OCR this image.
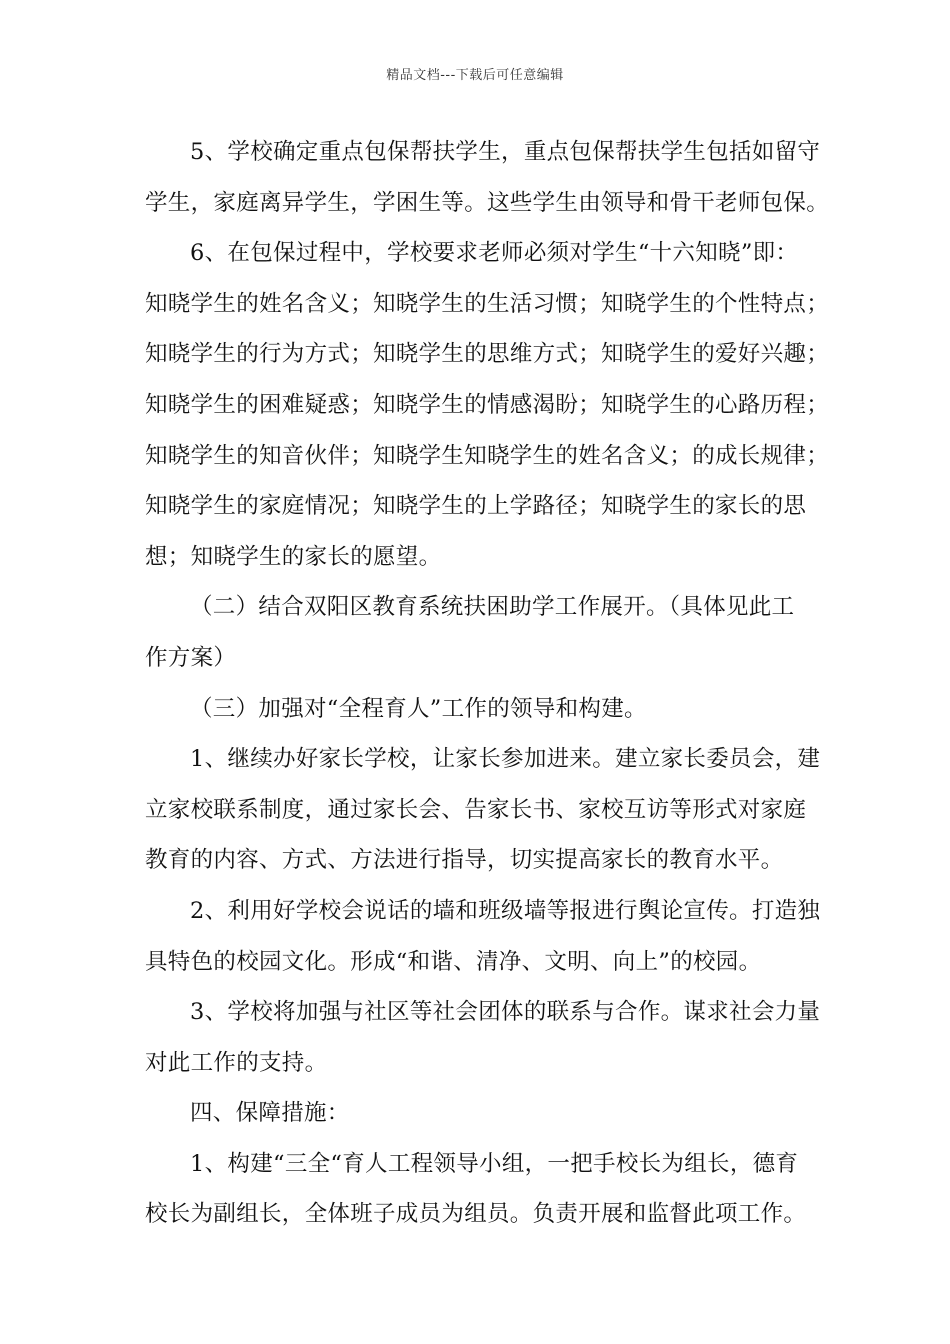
精品文档---下载后可任意编辑
5、学校确定重点包保帮扶学生，重点包保帮扶学生包括如留守
学生，家庭离异学生，学困生等。这些学生由领导和骨干老师包保。
6、在包保过程中，学校要求老师必须对学生“十六知晓”即：
知晓学生的姓名含义；知晓学生的生活习惯；知晓学生的个性特点；
知晓学生的行为方式；知晓学生的思维方式；知晓学生的爱好兴趣；
知晓学生的困难疑惑；知晓学生的情感渴盼；知晓学生的心路历程；
知晓学生的知音伙伴；知晓学生知晓学生的姓名含义；的成长规律；
知晓学生的家庭情况；知晓学生的上学路径；知晓学生的家长的思
想；知晓学生的家长的愿望。
（二）结合双阳区教育系统扶困助学工作展开。（具体见此工
作方案）
（三）加强对“全程育人”工作的领导和构建。
1、继续办好家长学校，让家长参加进来。建立家长委员会，建
立家校联系制度，通过家长会、告家长书、家校互访等形式对家庭
教育的内容、方式、方法进行指导，切实提高家长的教育水平。
2、利用好学校会说话的墙和班级墙等报进行舆论宣传。打造独
具特色的校园文化。形成“和谐、清净、文明、向上”的校园。
3、学校将加强与社区等社会团体的联系与合作。谋求社会力量
对此工作的支持。
四、保障措施：
1、构建“三全“育人工程领导小组，一把手校长为组长，德育
校长为副组长，全体班子成员为组员。负责开展和监督此项工作。
